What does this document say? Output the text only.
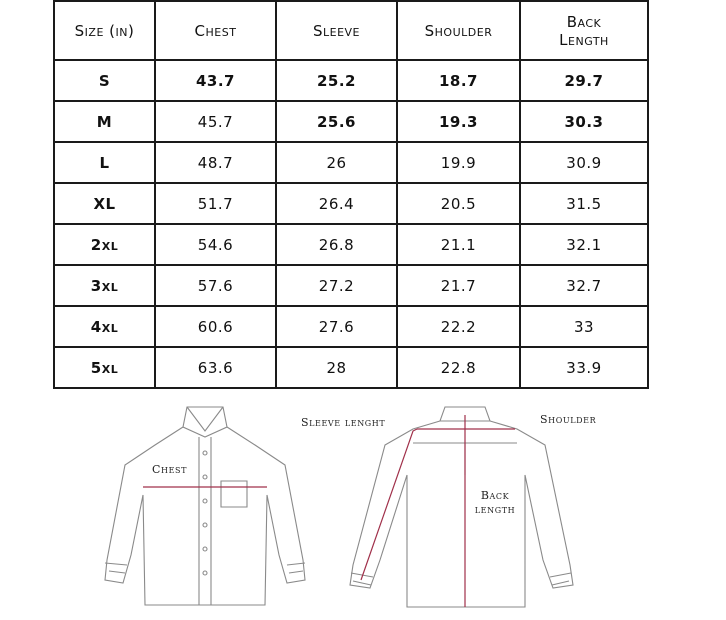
Size (in)	Chest	Sleeve	Shoulder	Back Length
S	43.7	25.2	18.7	29.7
M	45.7	25.6	19.3	30.3
L	48.7	26	19.9	30.9
XL	51.7	26.4	20.5	31.5
2xl	54.6	26.8	21.1	32.1
3xl	57.6	27.2	21.7	32.7
4xl	60.6	27.6	22.2	33
5xl	63.6	28	22.8	33.9
Chest
Sleeve lenght	Shoulder
Back length
